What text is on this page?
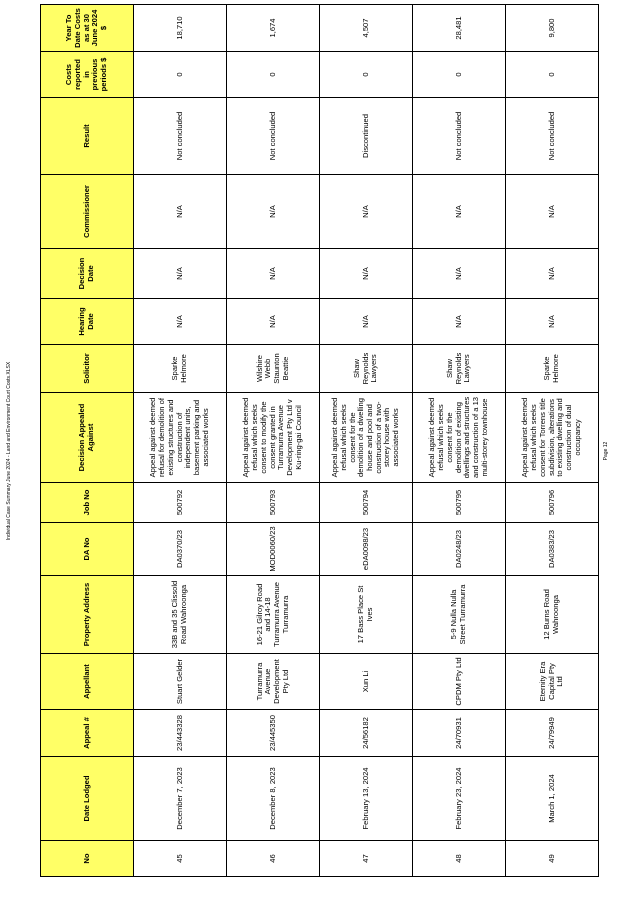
Individual Case Summary June 2024 - Land and Environment Court Costs.XLSX
No	Date Lodged	Appeal #	Appellant	Property Address	DA No	Job No	Decision Appealed Against	Solicitor	Hearing Date	Decision Date	Commissioner	Result	Costs reported in previous periods $	Year To Date Costs as at 30 June 2024 $
45	December 7, 2023	23/443328	Stuart Gelder	33B and 35 Clissold Road Wahroonga	DA0370/23	500792	Appeal against deemed refusal for demolition of existing structures and construction of independent units, basement parking and associated works	Sparke Helmore	N/A	N/A	N/A	Not concluded	0	18,710
46	December 8, 2023	23/445350	Turramurra Avenue Development Pty Ltd	16-21 Gilroy Road and 14-18 Turramurra Avenue Turramurra	MOD0060/23	500793	Appeal against deemed refusal which seeks consent to modify the consent granted in Turramurra Avenue Development Pty Ltd v Ku-ring-gai Council	Wilshire Webb Staunton Beattie	N/A	N/A	N/A	Not concluded	0	1,674
47	February 13, 2024	24/56182	Xun Li	17 Bass Place St Ives	eDA0098/23	500794	Appeal against deemed refusal which seeks consent for the demolition of a dwelling house and pool and construction of a two-storey house with associated works	Shaw Reynolds Lawyers	N/A	N/A	N/A	Discontinued	0	4,507
48	February 23, 2024	24/70931	CPDM Pty Ltd	5-9 Nulla Nulla Street Turramurra	DA0248/23	500795	Appeal against deemed refusal which seeks consent for the demolition of existing dwellings and structures and construction of a 13 multi-storey townhouse	Shaw Reynolds Lawyers	N/A	N/A	N/A	Not concluded	0	28,481
49	March 1, 2024	24/79949	Eternity Era Capital Pty Ltd	12 Burns Road Wahroonga	DA0383/23	500796	Appeal against deemed refusal which seeks consent for Torrens title subdivision, alterations to existing dwelling and construction of dual occupancy	Sparke Helmore	N/A	N/A	N/A	Not concluded	0	9,800
Page 12
